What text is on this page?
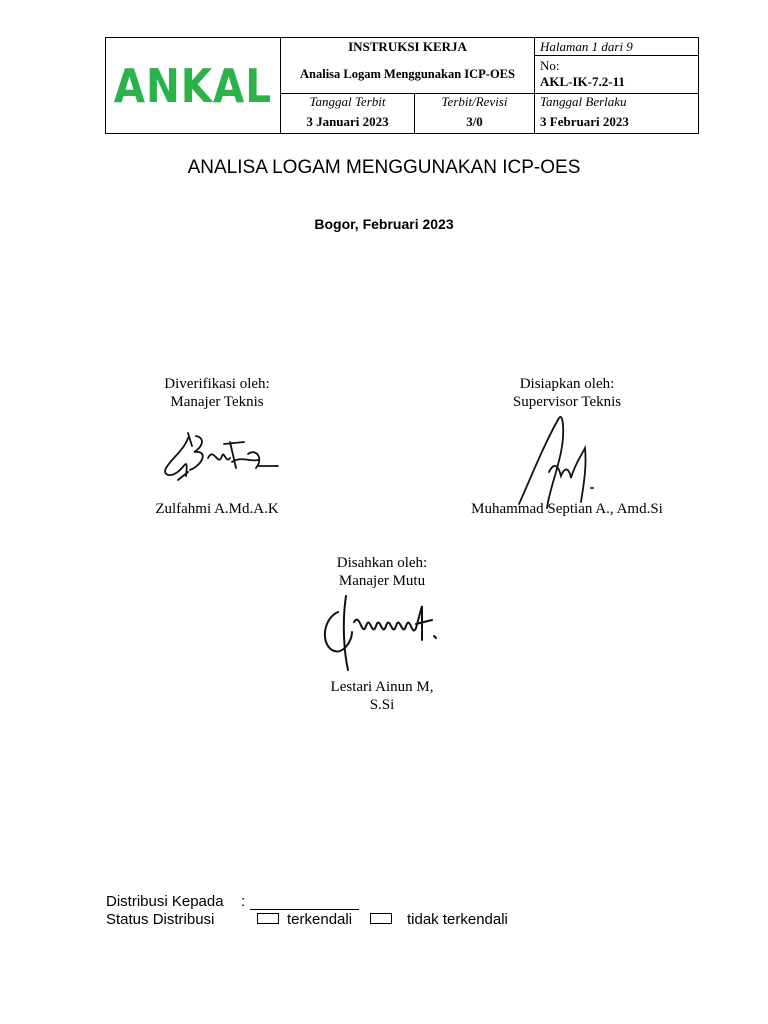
ANKAL
INSTRUKSI KERJA
Analisa Logam Menggunakan ICP-OES
Halaman 1 dari 9
No:
AKL-IK-7.2-11
Tanggal Terbit
3 Januari 2023
Terbit/Revisi
3/0
Tanggal Berlaku
3 Februari 2023
ANALISA LOGAM MENGGUNAKAN ICP-OES
Bogor, Februari 2023
Diverifikasi oleh:
Manajer Teknis
Zulfahmi A.Md.A.K
Disiapkan oleh:
Supervisor Teknis
Muhammad Septian A., Amd.Si
Disahkan oleh:
Manajer Mutu
Lestari Ainun M,
S.Si
Distribusi Kepada :
Status Distribusi	terkendali	tidak terkendali
